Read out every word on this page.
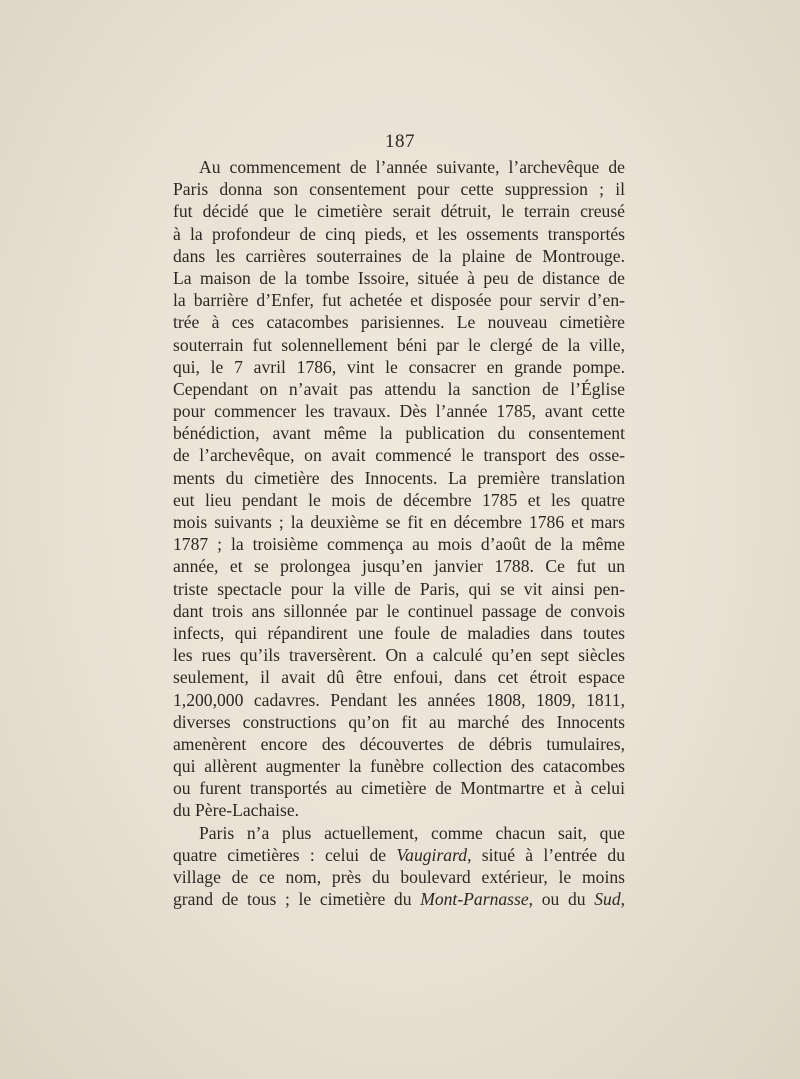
187
Au commencement de l’année suivante, l’archevêque de
Paris donna son consentement pour cette suppression ; il
fut décidé que le cimetière serait détruit, le terrain creusé
à la profondeur de cinq pieds, et les ossements transportés
dans les carrières souterraines de la plaine de Montrouge.
La maison de la tombe Issoire, située à peu de distance de
la barrière d’Enfer, fut achetée et disposée pour servir d’en-
trée à ces catacombes parisiennes. Le nouveau cimetière
souterrain fut solennellement béni par le clergé de la ville,
qui, le 7 avril 1786, vint le consacrer en grande pompe.
Cependant on n’avait pas attendu la sanction de l’Église
pour commencer les travaux. Dès l’année 1785, avant cette
bénédiction, avant même la publication du consentement
de l’archevêque, on avait commencé le transport des osse-
ments du cimetière des Innocents. La première translation
eut lieu pendant le mois de décembre 1785 et les quatre
mois suivants ; la deuxième se fit en décembre 1786 et mars
1787 ; la troisième commença au mois d’août de la même
année, et se prolongea jusqu’en janvier 1788. Ce fut un
triste spectacle pour la ville de Paris, qui se vit ainsi pen-
dant trois ans sillonnée par le continuel passage de convois
infects, qui répandirent une foule de maladies dans toutes
les rues qu’ils traversèrent. On a calculé qu’en sept siècles
seulement, il avait dû être enfoui, dans cet étroit espace
1,200,000 cadavres. Pendant les années 1808, 1809, 1811,
diverses constructions qu’on fit au marché des Innocents
amenèrent encore des découvertes de débris tumulaires,
qui allèrent augmenter la funèbre collection des catacombes
ou furent transportés au cimetière de Montmartre et à celui
du Père-Lachaise.
Paris n’a plus actuellement, comme chacun sait, que
quatre cimetières : celui de Vaugirard, situé à l’entrée du
village de ce nom, près du boulevard extérieur, le moins
grand de tous ; le cimetière du Mont-Parnasse, ou du Sud,
